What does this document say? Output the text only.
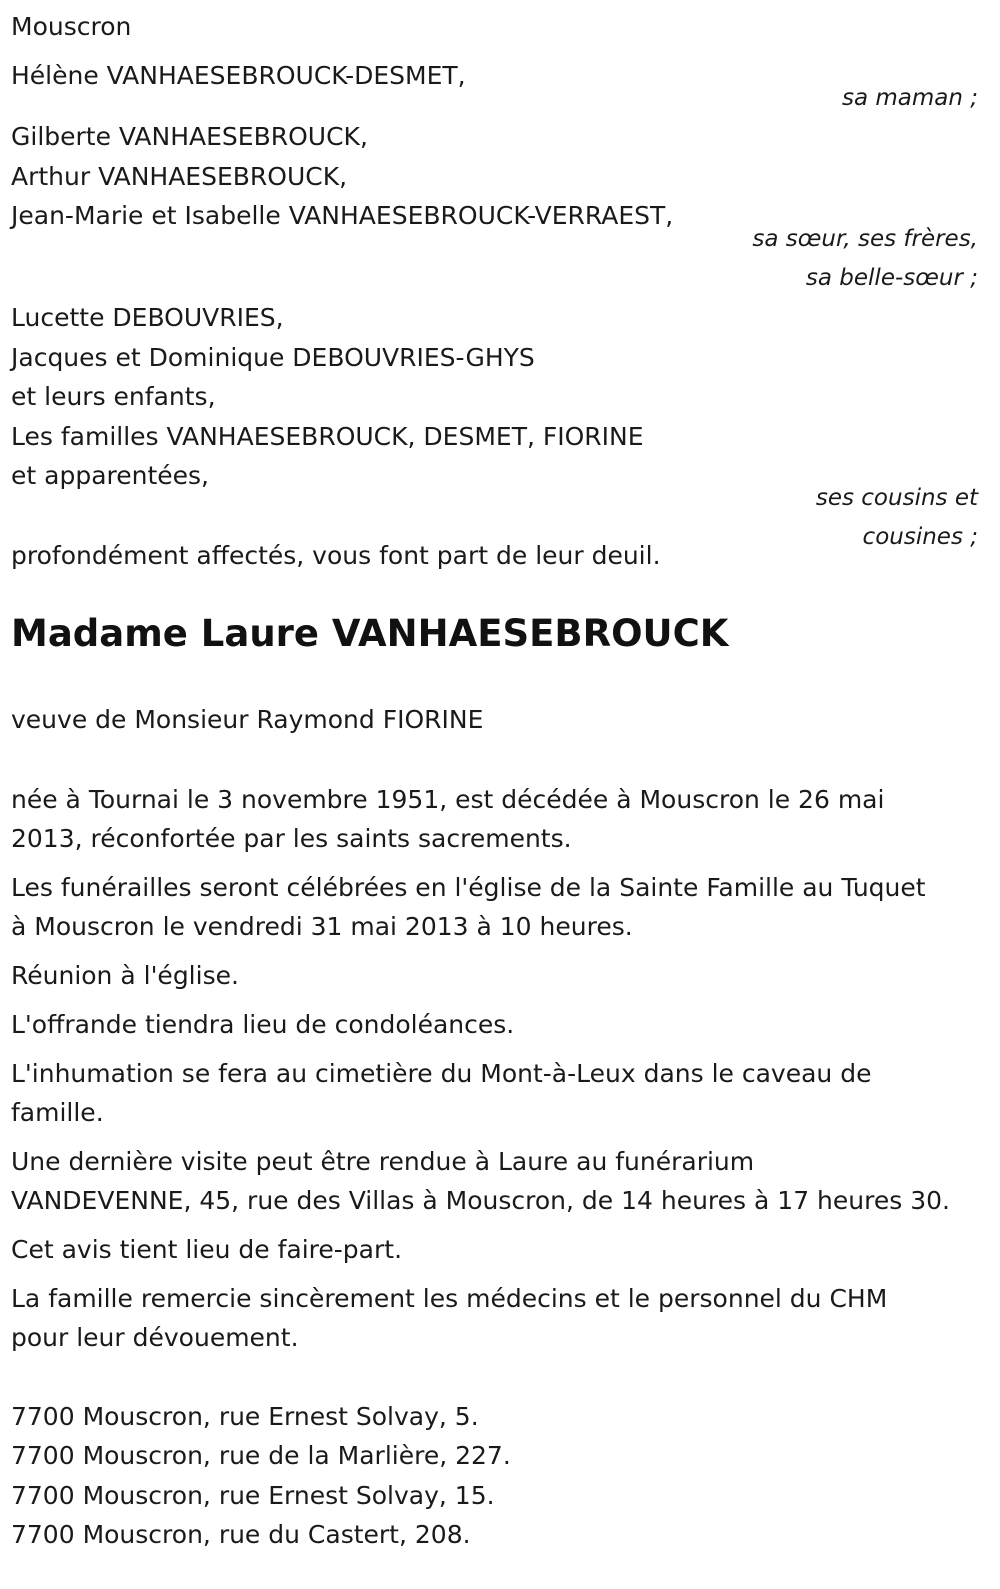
Mouscron
Hélène VANHAESEBROUCK-DESMET,
sa maman ;
Gilberte VANHAESEBROUCK,
Arthur VANHAESEBROUCK,
Jean-Marie et Isabelle VANHAESEBROUCK-VERRAEST,
sa sœur, ses frères,
sa belle-sœur ;
Lucette DEBOUVRIES,
Jacques et Dominique DEBOUVRIES-GHYS
et leurs enfants,
Les familles VANHAESEBROUCK, DESMET, FIORINE
et apparentées,
ses cousins et
cousines ;
profondément affectés, vous font part de leur deuil.
Madame Laure VANHAESEBROUCK
veuve de Monsieur Raymond FIORINE
née à Tournai le 3 novembre 1951, est décédée à Mouscron le 26 mai
2013, réconfortée par les saints sacrements.
Les funérailles seront célébrées en l'église de la Sainte Famille au Tuquet
à Mouscron le vendredi 31 mai 2013 à 10 heures.
Réunion à l'église.
L'offrande tiendra lieu de condoléances.
L'inhumation se fera au cimetière du Mont-à-Leux dans le caveau de
famille.
Une dernière visite peut être rendue à Laure au funérarium
VANDEVENNE, 45, rue des Villas à Mouscron, de 14 heures à 17 heures 30.
Cet avis tient lieu de faire-part.
La famille remercie sincèrement les médecins et le personnel du CHM
pour leur dévouement.
7700 Mouscron, rue Ernest Solvay, 5.
7700 Mouscron, rue de la Marlière, 227.
7700 Mouscron, rue Ernest Solvay, 15.
7700 Mouscron, rue du Castert, 208.
